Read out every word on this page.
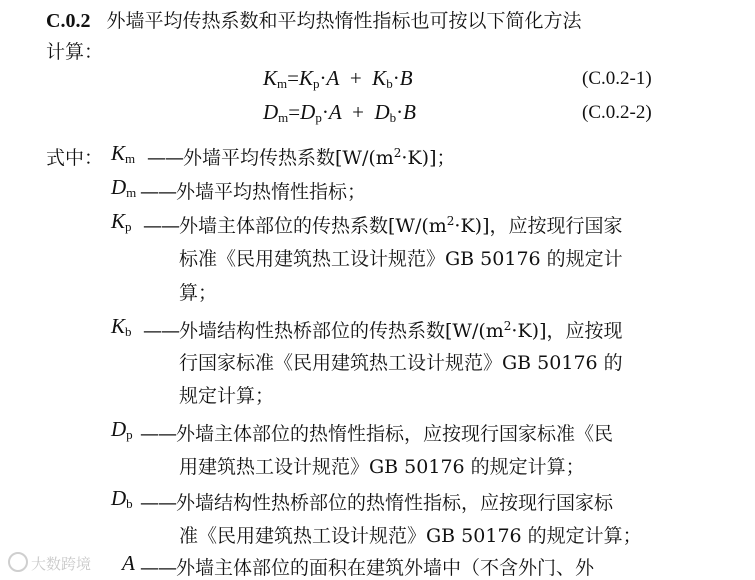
C.0.2 外墙平均传热系数和平均热惰性指标也可按以下简化方法
计算：
$K_m=K_p\cdot A + K_b\cdot B$	(C.0.2-1)
$D_m=D_p\cdot A + D_b\cdot B$	(C.0.2-2)
式中： $K_m$ ——外墙平均传热系数$[W/(m^2\cdot K)]$；
$D_m$ ——外墙平均热惰性指标；
$K_p$ ——外墙主体部位的传热系数$[W/(m^2\cdot K)]$，应按现行国家
标准《民用建筑热工设计规范》GB 50176 的规定计
算；
$K_b$ ——外墙结构性热桥部位的传热系数$[W/(m^2\cdot K)]$，应按现
行国家标准《民用建筑热工设计规范》GB 50176 的
规定计算；
$D_p$ ——外墙主体部位的热惰性指标，应按现行国家标准《民
用建筑热工设计规范》GB 50176 的规定计算；
$D_b$ ——外墙结构性热桥部位的热惰性指标，应按现行国家标
准《民用建筑热工设计规范》GB 50176 的规定计算；
A ——外墙主体部位的面积在建筑外墙中（不含外门、外
大数跨境
